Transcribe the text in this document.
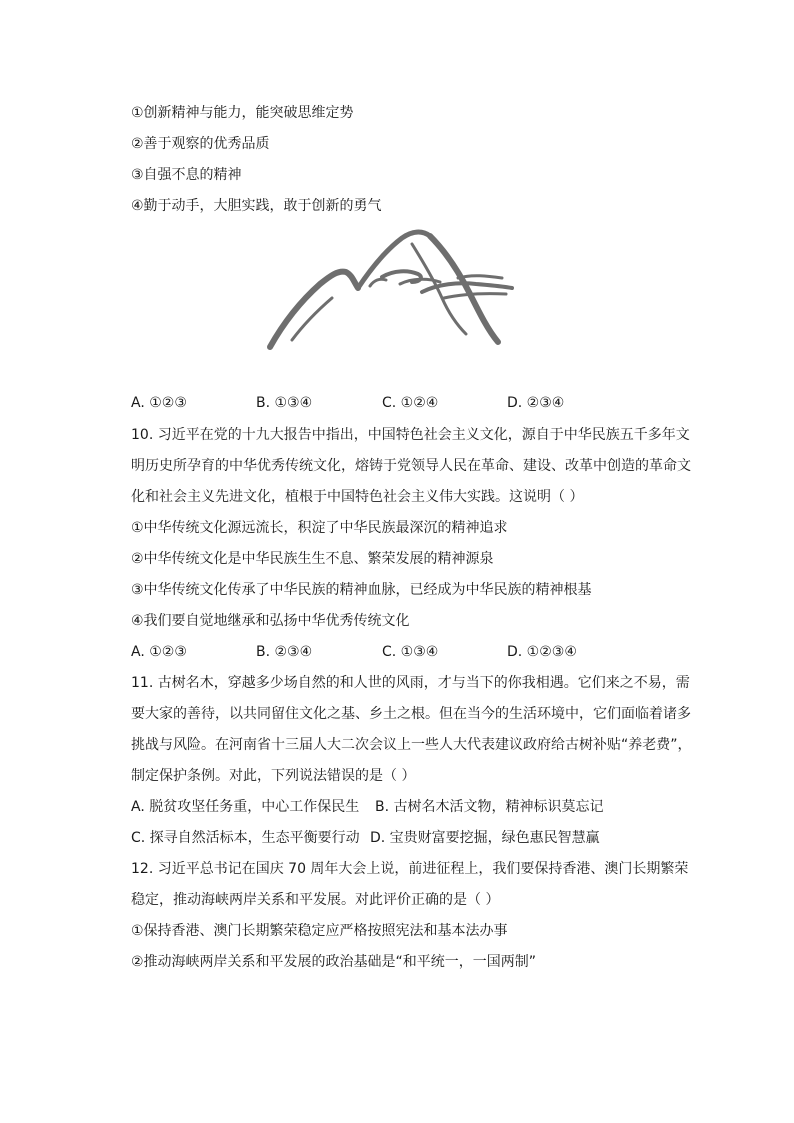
①创新精神与能力，能突破思维定势
②善于观察的优秀品质
③自强不息的精神
④勤于动手，大胆实践，敢于创新的勇气
A. ①②③	B. ①③④	C. ①②④	D. ②③④
10. 习近平在党的十九大报告中指出，中国特色社会主义文化，源自于中华民族五千多年文
明历史所孕育的中华优秀传统文化，熔铸于党领导人民在革命、建设、改革中创造的革命文
化和社会主义先进文化，植根于中国特色社会主义伟大实践。这说明（ ）
①中华传统文化源远流长，积淀了中华民族最深沉的精神追求
②中华传统文化是中华民族生生不息、繁荣发展的精神源泉
③中华传统文化传承了中华民族的精神血脉，已经成为中华民族的精神根基
④我们要自觉地继承和弘扬中华优秀传统文化
A. ①②③	B. ②③④	C. ①③④	D. ①②③④
11. 古树名木，穿越多少场自然的和人世的风雨，才与当下的你我相遇。它们来之不易，需
要大家的善待，以共同留住文化之基、乡土之根。但在当今的生活环境中，它们面临着诸多
挑战与风险。在河南省十三届人大二次会议上一些人大代表建议政府给古树补贴“养老费”，
制定保护条例。对此，下列说法错误的是（ ）
A. 脱贫攻坚任务重，中心工作保民生 B. 古树名木活文物，精神标识莫忘记
C. 探寻自然活标本，生态平衡要行动 D. 宝贵财富要挖掘，绿色惠民智慧赢
12. 习近平总书记在国庆 70 周年大会上说，前进征程上，我们要保持香港、澳门长期繁荣
稳定，推动海峡两岸关系和平发展。对此评价正确的是（ ）
①保持香港、澳门长期繁荣稳定应严格按照宪法和基本法办事
②推动海峡两岸关系和平发展的政治基础是“和平统一，一国两制”
